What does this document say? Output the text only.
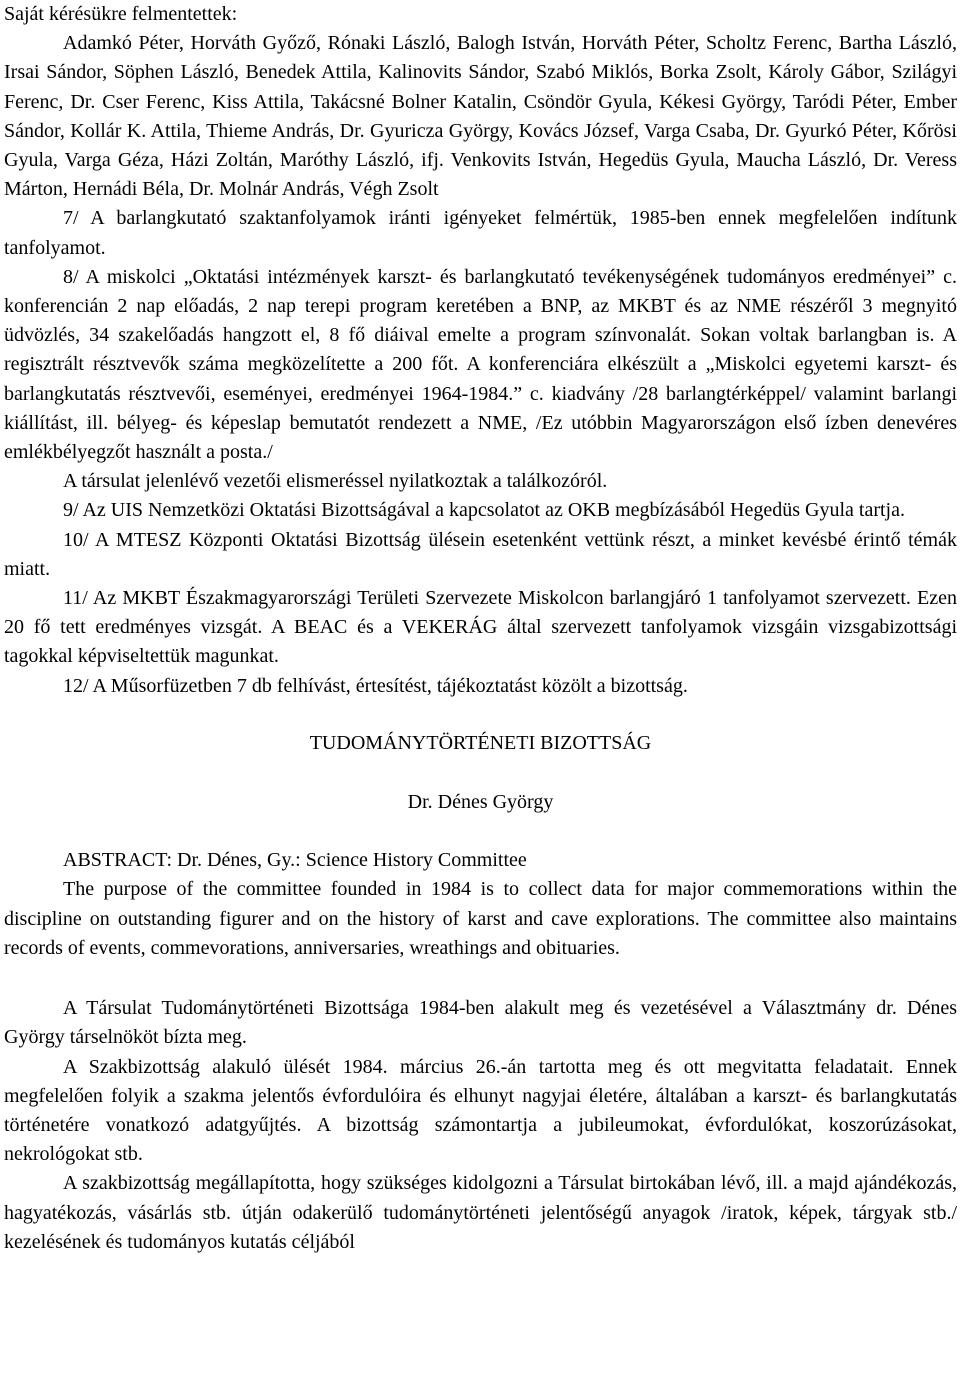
Saját kérésükre felmentettek:

Adamkó Péter, Horváth Győző, Rónaki László, Balogh István, Horváth Péter, Scholtz Ferenc, Bartha László, Irsai Sándor, Söphen László, Benedek Attila, Kalinovits Sándor, Szabó Miklós, Borka Zsolt, Károly Gábor, Szilágyi Ferenc, Dr. Cser Ferenc, Kiss Attila, Takácsné Bolner Katalin, Csöndör Gyula, Kékesi György, Taródi Péter, Ember Sándor, Kollár K. Attila, Thieme András, Dr. Gyuricza György, Kovács József, Varga Csaba, Dr. Gyurkó Péter, Kőrösi Gyula, Varga Géza, Házi Zoltán, Maróthy László, ifj. Venkovits István, Hegedüs Gyula, Maucha László, Dr. Veress Márton, Hernádi Béla, Dr. Molnár András, Végh Zsolt

7/ A barlangkutató szaktanfolyamok iránti igényeket felmértük, 1985-ben ennek megfelelően indítunk tanfolyamot.

8/ A miskolci „Oktatási intézmények karszt- és barlangkutató tevékenységének tudományos eredményei” c. konferencián 2 nap előadás, 2 nap terepi program keretében a BNP, az MKBT és az NME részéről 3 megnyitó üdvözlés, 34 szakelőadás hangzott el, 8 fő diáival emelte a program színvonalát. Sokan voltak barlangban is. A regisztrált résztvevők száma megközelítette a 200 főt. A konferenciára elkészült a „Miskolci egyetemi karszt- és barlangkutatás résztvevői, eseményei, eredményei 1964-1984.” c. kiadvány /28 barlangtérképpel/ valamint barlangi kiállítást, ill. bélyeg- és képeslap bemutatót rendezett a NME, /Ez utóbbin Magyarországon első ízben denevéres emlékbélyegzőt használt a posta./

A társulat jelenlévő vezetői elismeréssel nyilatkoztak a találkozóról.

9/ Az UIS Nemzetközi Oktatási Bizottságával a kapcsolatot az OKB megbízásából Hegedüs Gyula tartja.

10/ A MTESZ Központi Oktatási Bizottság ülésein esetenként vettünk részt, a minket kevésbé érintő témák miatt.

11/ Az MKBT Északmagyarországi Területi Szervezete Miskolcon barlangjáró 1 tanfolyamot szervezett. Ezen 20 fő tett eredményes vizsgát. A BEAC és a VEKERÁG által szervezett tanfolyamok vizsgáin vizsgabizottsági tagokkal képviseltettük magunkat.

12/ A Műsorfüzetben 7 db felhívást, értesítést, tájékoztatást közölt a bizottság.

TUDOMÁNYTÖRTÉNETI BIZOTTSÁG
Dr. Dénes György

ABSTRACT: Dr. Dénes, Gy.: Science History Committee

The purpose of the committee founded in 1984 is to collect data for major commemorations within the discipline on outstanding figurer and on the history of karst and cave explorations. The committee also maintains records of events, commevorations, anniversaries, wreathings and obituaries.

A Társulat Tudománytörténeti Bizottsága 1984-ben alakult meg és vezetésével a Választmány dr. Dénes György társelnököt bízta meg.

A Szakbizottság alakuló ülését 1984. március 26.-án tartotta meg és ott megvitatta feladatait. Ennek megfelelően folyik a szakma jelentős évfordulóira és elhunyt nagyjai életére, általában a karszt- és barlangkutatás történetére vonatkozó adatgyűjtés. A bizottság számontartja a jubileumokat, évfordulókat, koszorúzásokat, nekrológokat stb.

A szakbizottság megállapította, hogy szükséges kidolgozni a Társulat birtokában lévő, ill. a majd ajándékozás, hagyatékozás, vásárlás stb. útján odakerülő tudománytörténeti jelentőségű anyagok /iratok, képek, tárgyak stb./ kezelésének és tudományos kutatás céljából
